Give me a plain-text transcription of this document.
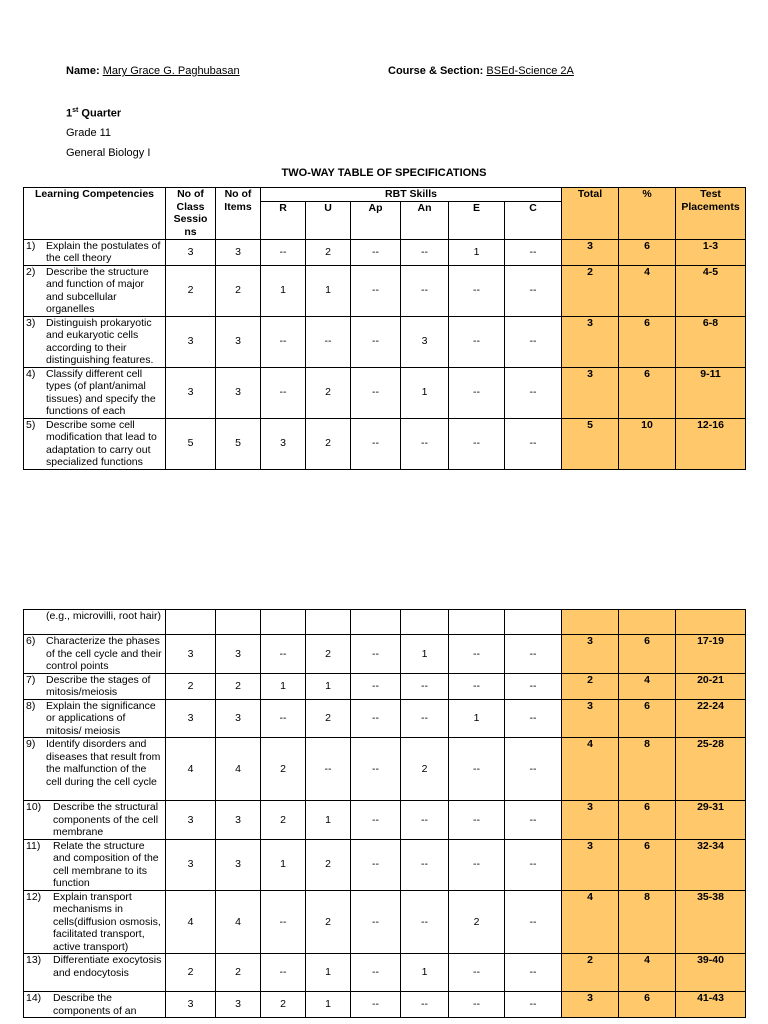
Name: Mary Grace G. Paghubasan	Course & Section: BSEd-Science 2A
1st Quarter
Grade 11
General Biology I
TWO-WAY TABLE OF SPECIFICATIONS
Learning Competencies	No of Class Sessio ns	No of Items	RBT Skills						Total	%	Test Placements
			R	U	Ap	An	E	C			

1) Explain the postulates of the cell theory	3	3	--	2	--	--	1	--	3	6	1-3

2) Describe the structure and function of major and subcellular organelles	2	2	1	1	--	--	--	--	2	4	4-5

3) Distinguish prokaryotic and eukaryotic cells according to their distinguishing features.	3	3	--	--	--	3	--	--	3	6	6-8

4) Classify different cell types (of plant/animal tissues) and specify the functions of each	3	3	--	2	--	1	--	--	3	6	9-11

5) Describe some cell modification that lead to adaptation to carry out specialized functions	5	5	3	2	--	--	--	--	5	10	12-16
(e.g., microvilli, root hair)											

6) Characterize the phases of the cell cycle and their control points	3	3	--	2	--	1	--	--	3	6	17-19

7) Describe the stages of mitosis/meiosis	2	2	1	1	--	--	--	--	2	4	20-21

8) Explain the significance or applications of mitosis/ meiosis	3	3	--	2	--	--	1	--	3	6	22-24

9) Identify disorders and diseases that result from the malfunction of the cell during the cell cycle	4	4	2	--	--	2	--	--	4	8	25-28

10) Describe the structural components of the cell membrane	3	3	2	1	--	--	--	--	3	6	29-31

11) Relate the structure and composition of the cell membrane to its function	3	3	1	2	--	--	--	--	3	6	32-34

12) Explain transport mechanisms in cells(diffusion osmosis, facilitated transport, active transport)	4	4	--	2	--	--	2	--	4	8	35-38

13) Differentiate exocytosis and endocytosis	2	2	--	1	--	1	--	--	2	4	39-40

14) Describe the components of an	3	3	2	1	--	--	--	--	3	6	41-43
